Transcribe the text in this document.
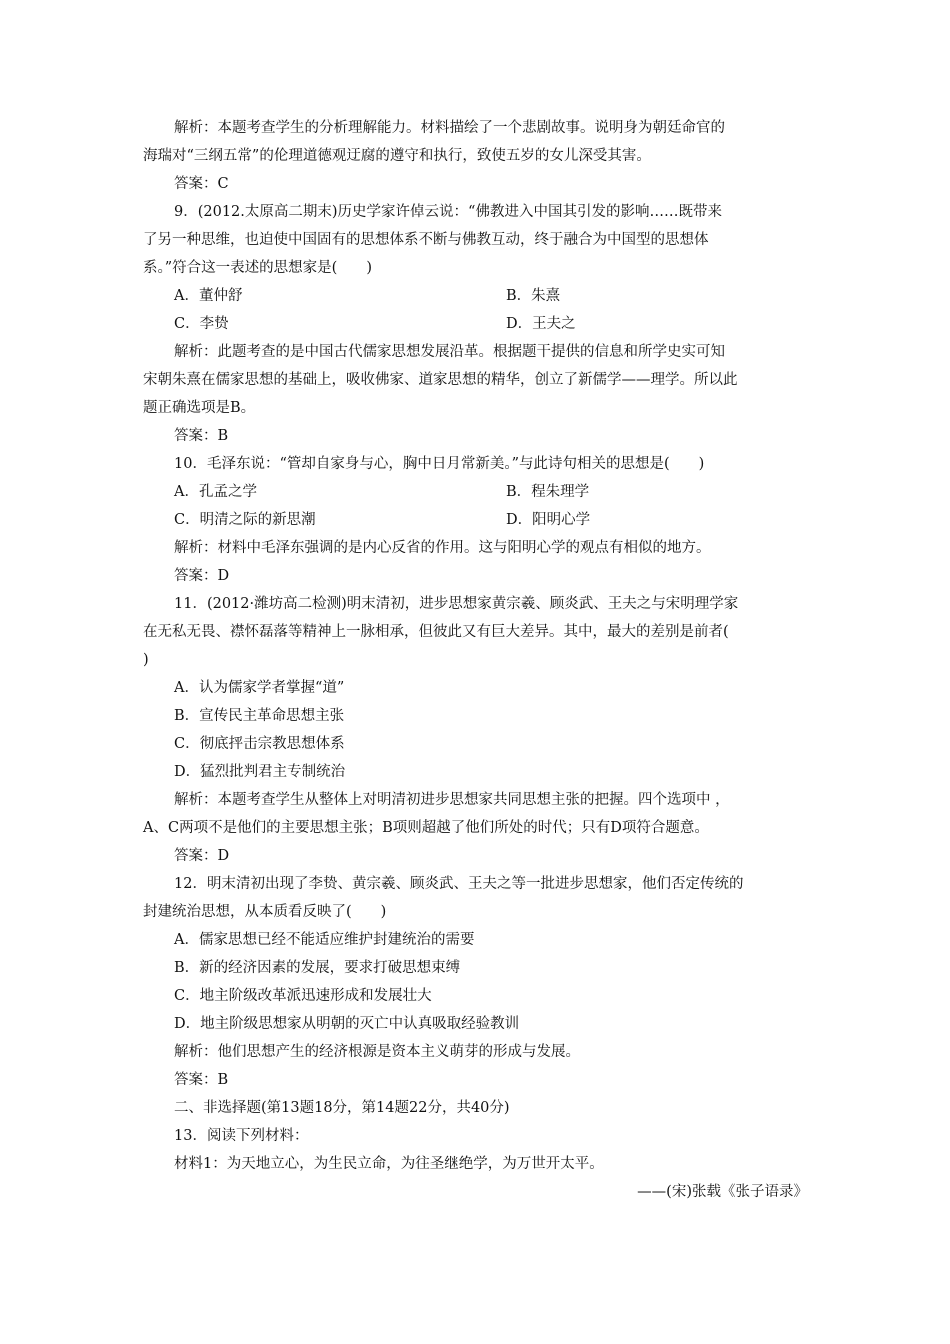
解析：本题考查学生的分析理解能力。材料描绘了一个悲剧故事。说明身为朝廷命官的
海瑞对“三纲五常”的伦理道德观迂腐的遵守和执行，致使五岁的女儿深受其害。
答案：C
9．(2012.太原高二期末)历史学家许倬云说：“佛教进入中国其引发的影响……既带来
了另一种思维，也迫使中国固有的思想体系不断与佛教互动，终于融合为中国型的思想体
系。”符合这一表述的思想家是(　　)
A．董仲舒	B．朱熹
C．李贽	D．王夫之
解析：此题考查的是中国古代儒家思想发展沿革。根据题干提供的信息和所学史实可知
宋朝朱熹在儒家思想的基础上，吸收佛家、道家思想的精华，创立了新儒学——理学。所以此
题正确选项是B。
答案：B
10．毛泽东说：“管却自家身与心，胸中日月常新美。”与此诗句相关的思想是(　　)
A．孔孟之学	B．程朱理学
C．明清之际的新思潮	D．阳明心学
解析：材料中毛泽东强调的是内心反省的作用。这与阳明心学的观点有相似的地方。
答案：D
11．(2012·潍坊高二检测)明末清初，进步思想家黄宗羲、顾炎武、王夫之与宋明理学家
在无私无畏、襟怀磊落等精神上一脉相承，但彼此又有巨大差异。其中，最大的差别是前者(
)
A．认为儒家学者掌握“道”
B．宣传民主革命思想主张
C．彻底抨击宗教思想体系
D．猛烈批判君主专制统治
解析：本题考查学生从整体上对明清初进步思想家共同思想主张的把握。四个选项中 ，
A、C两项不是他们的主要思想主张；B项则超越了他们所处的时代；只有D项符合题意。
答案：D
12．明末清初出现了李贽、黄宗羲、顾炎武、王夫之等一批进步思想家，他们否定传统的
封建统治思想，从本质看反映了(　　)
A．儒家思想已经不能适应维护封建统治的需要
B．新的经济因素的发展，要求打破思想束缚
C．地主阶级改革派迅速形成和发展壮大
D．地主阶级思想家从明朝的灭亡中认真吸取经验教训
解析：他们思想产生的经济根源是资本主义萌芽的形成与发展。
答案：B
二、非选择题(第13题18分，第14题22分，共40分)
13．阅读下列材料：
材料1：为天地立心，为生民立命，为往圣继绝学，为万世开太平。
——(宋)张载《张子语录》
